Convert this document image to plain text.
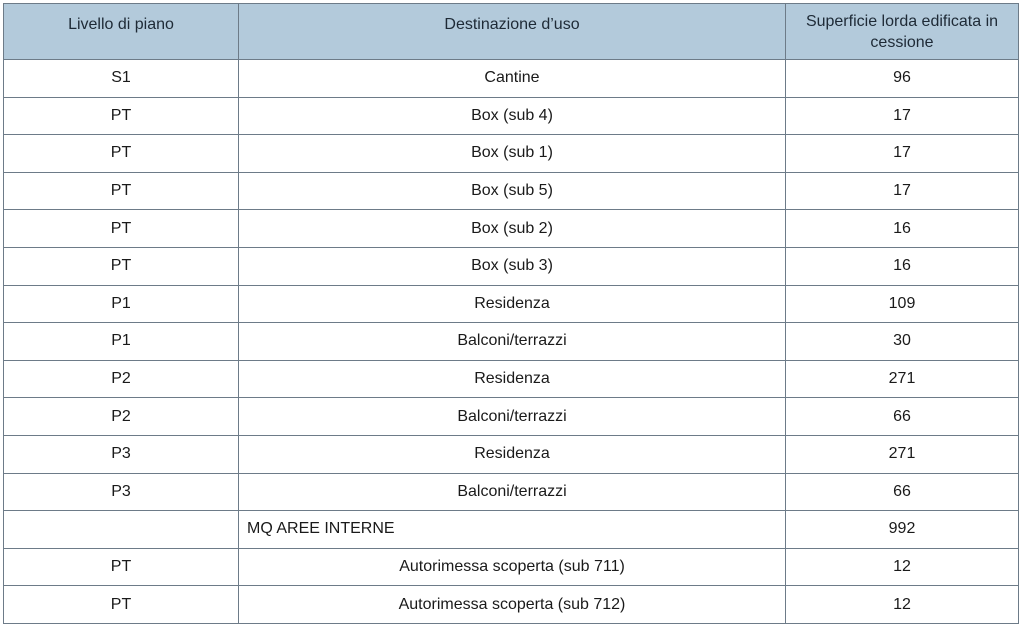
Livello di piano	Destinazione d’uso	Superficie lorda edificata in cessione
S1	Cantine	96
PT	Box (sub 4)	17
PT	Box (sub 1)	17
PT	Box (sub 5)	17
PT	Box (sub 2)	16
PT	Box (sub 3)	16
P1	Residenza	109
P1	Balconi/terrazzi	30
P2	Residenza	271
P2	Balconi/terrazzi	66
P3	Residenza	271
P3	Balconi/terrazzi	66
	MQ AREE INTERNE	992
PT	Autorimessa scoperta (sub 711)	12
PT	Autorimessa scoperta (sub 712)	12
